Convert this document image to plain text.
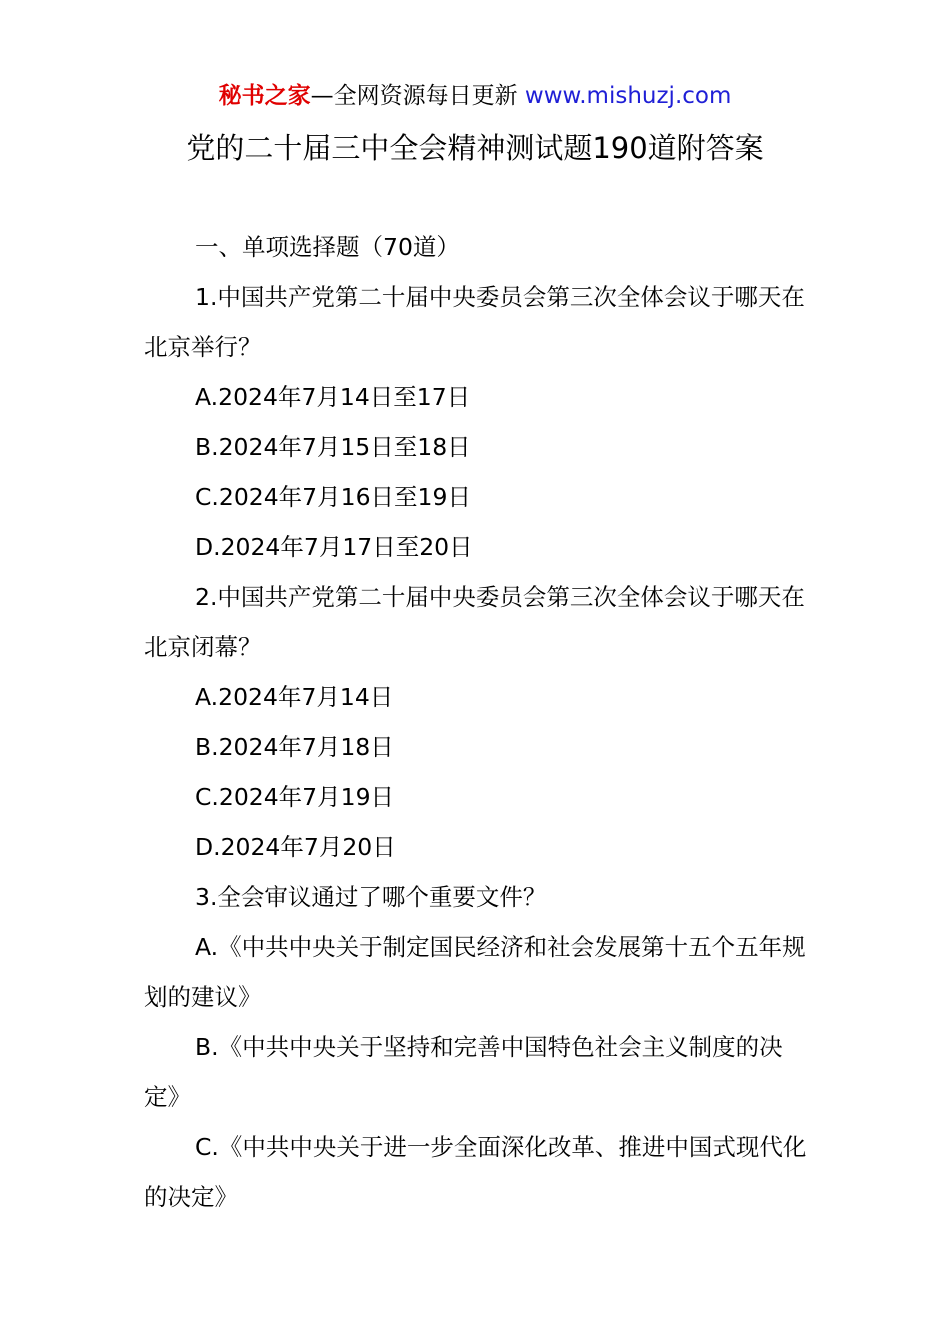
秘书之家—全网资源每日更新 www.mishuzj.com
党的二十届三中全会精神测试题190道附答案

一、单项选择题（70道）

1.中国共产党第二十届中央委员会第三次全体会议于哪天在北京举行？

A.2024年7月14日至17日

B.2024年7月15日至18日

C.2024年7月16日至19日

D.2024年7月17日至20日

2.中国共产党第二十届中央委员会第三次全体会议于哪天在北京闭幕？

A.2024年7月14日

B.2024年7月18日

C.2024年7月19日

D.2024年7月20日

3.全会审议通过了哪个重要文件？

A.《中共中央关于制定国民经济和社会发展第十五个五年规划的建议》

B.《中共中央关于坚持和完善中国特色社会主义制度的决定》

C.《中共中央关于进一步全面深化改革、推进中国式现代化的决定》
